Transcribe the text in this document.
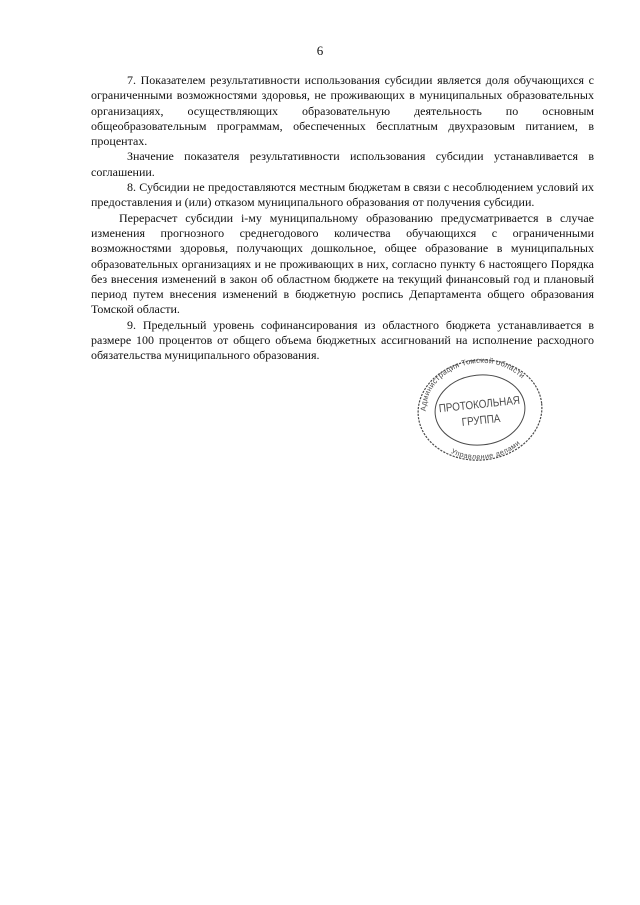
6

7. Показателем результативности использования субсидии является доля обучающихся с ограниченными возможностями здоровья, не проживающих в муниципальных образовательных организациях, осуществляющих образовательную деятельность по основным общеобразовательным программам, обеспеченных бесплатным двухразовым питанием, в процентах.

Значение показателя результативности использования субсидии устанавливается в соглашении.

8. Субсидии не предоставляются местным бюджетам в связи с несоблюдением условий их предоставления и (или) отказом муниципального образования от получения субсидии.

Перерасчет субсидии i-му муниципальному образованию предусматривается в случае изменения прогнозного среднегодового количества обучающихся с ограниченными возможностями здоровья, получающих дошкольное, общее образование в муниципальных образовательных организациях и не проживающих в них, согласно пункту 6 настоящего Порядка без внесения изменений в закон об областном бюджете на текущий финансовый год и плановый период путем внесения изменений в бюджетную роспись Департамента общего образования Томской области.

9. Предельный уровень софинансирования из областного бюджета устанавливается в размере 100 процентов от общего объема бюджетных ассигнований на исполнение расходного обязательства муниципального образования.

Администрация Томской области
Управление делами
ПРОТОКОЛЬНАЯ
ГРУППА
